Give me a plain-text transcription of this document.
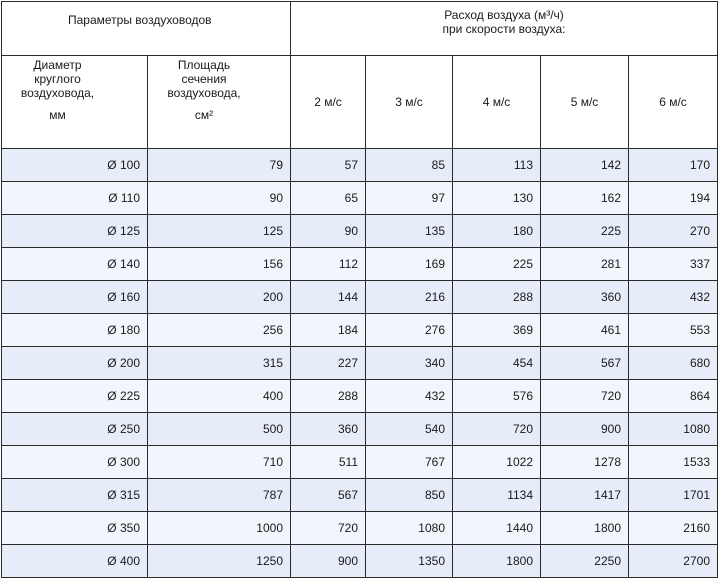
Параметры воздуховодов		Расход воздуха (м³/ч)
при скорости воздуха:				

Диаметр
круглого
воздуховода,
мм	Площадь
сечения
воздуховода,
см²	2 м/с	3 м/с	4 м/с	5 м/с	6 м/с
Ø 100	79	57	85	113	142	170
Ø 110	90	65	97	130	162	194
Ø 125	125	90	135	180	225	270
Ø 140	156	112	169	225	281	337
Ø 160	200	144	216	288	360	432
Ø 180	256	184	276	369	461	553
Ø 200	315	227	340	454	567	680
Ø 225	400	288	432	576	720	864
Ø 250	500	360	540	720	900	1080
Ø 300	710	511	767	1022	1278	1533
Ø 315	787	567	850	1134	1417	1701
Ø 350	1000	720	1080	1440	1800	2160
Ø 400	1250	900	1350	1800	2250	2700
